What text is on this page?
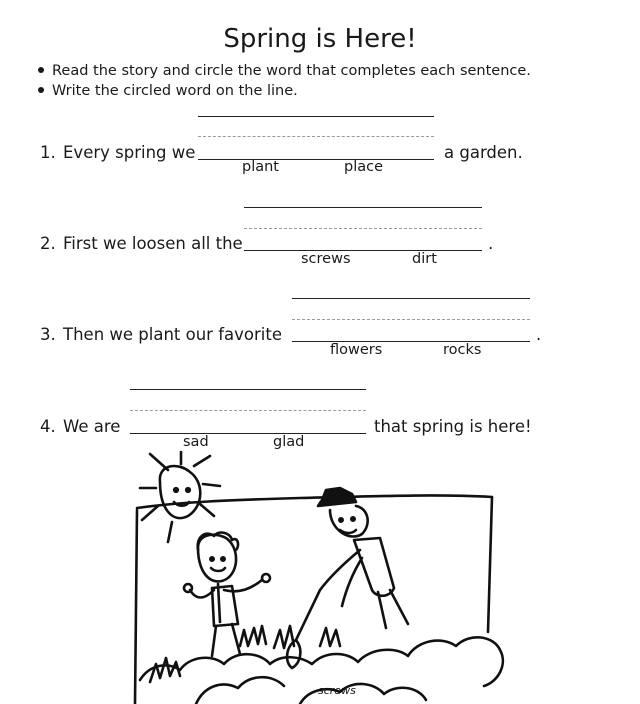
Spring is Here!
Read the story and circle the word that completes each sentence.
Write the circled word on the line.
1. Every spring we	a garden.
plant	place
2. First we loosen all the	.
screws	dirt
3. Then we plant our favorite	.
flowers	rocks
4. We are	that spring is here!
sad	glad
screws
